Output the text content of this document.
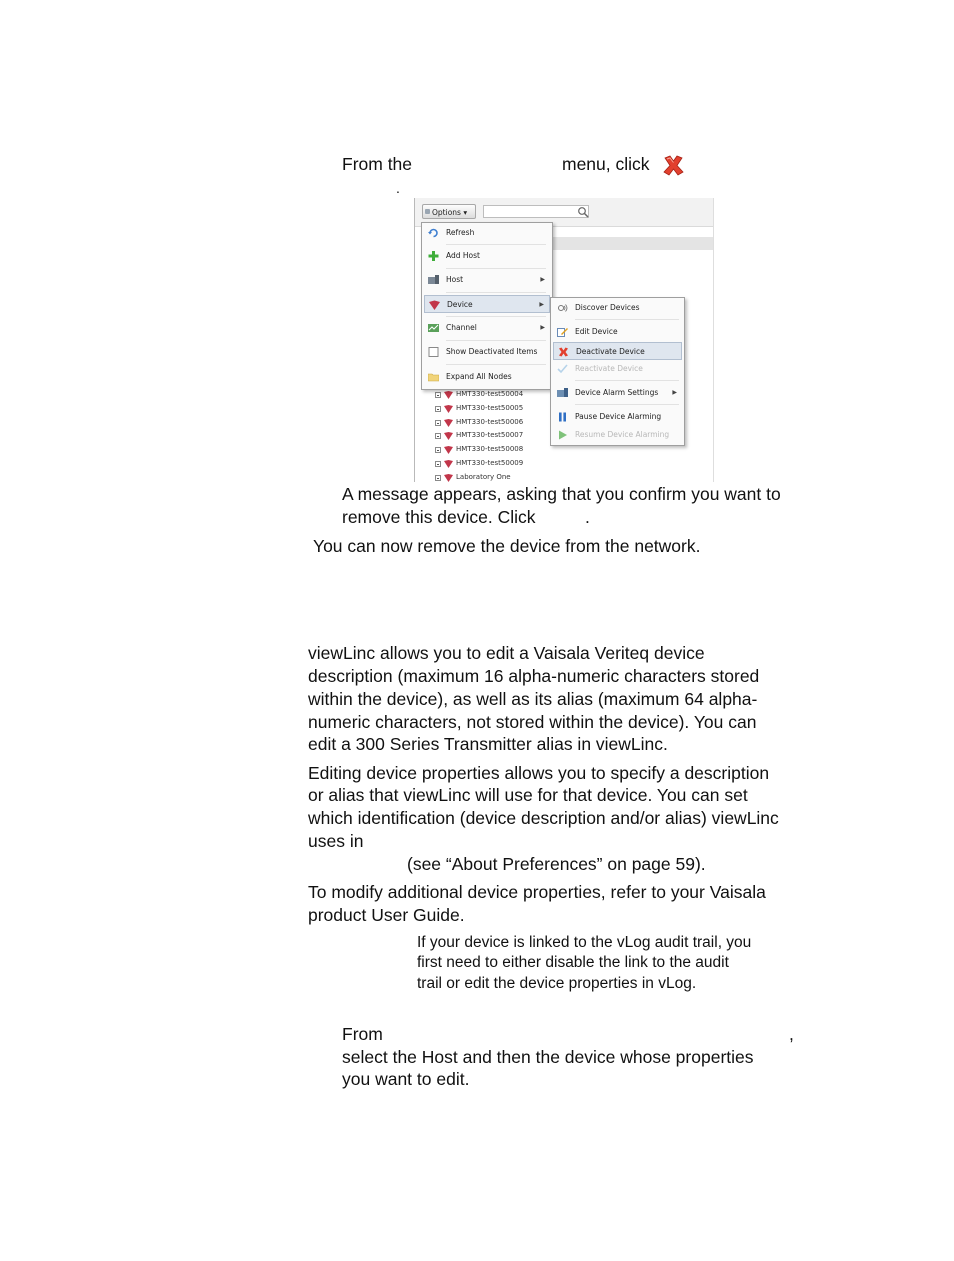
From the	menu, click
.
Options ▾
HMT330-test50004
HMT330-test50005
HMT330-test50006
HMT330-test50007
HMT330-test50008
HMT330-test50009
Laboratory One
Refresh
Add Host
Host	▶
Device	▶
Channel	▶
Show Deactivated Items
Expand All Nodes
Discover Devices
Edit Device
Deactivate Device
Reactivate Device
Device Alarm Settings ▶
Pause Device Alarming
Resume Device Alarming
A message appears, asking that you confirm you want to
remove this device. Click	.
You can now remove the device from the network.
viewLinc allows you to edit a Vaisala Veriteq device
description (maximum 16 alpha-numeric characters stored
within the device), as well as its alias (maximum 64 alpha-
numeric characters, not stored within the device). You can
edit a 300 Series Transmitter alias in viewLinc.
Editing device properties allows you to specify a description
or alias that viewLinc will use for that device. You can set
which identification (device description and/or alias) viewLinc
uses in
(see “About Preferences” on page 59).
To modify additional device properties, refer to your Vaisala
product User Guide.
If your device is linked to the vLog audit trail, you
first need to either disable the link to the audit
trail or edit the device properties in vLog.
From	,
select the Host and then the device whose properties
you want to edit.
